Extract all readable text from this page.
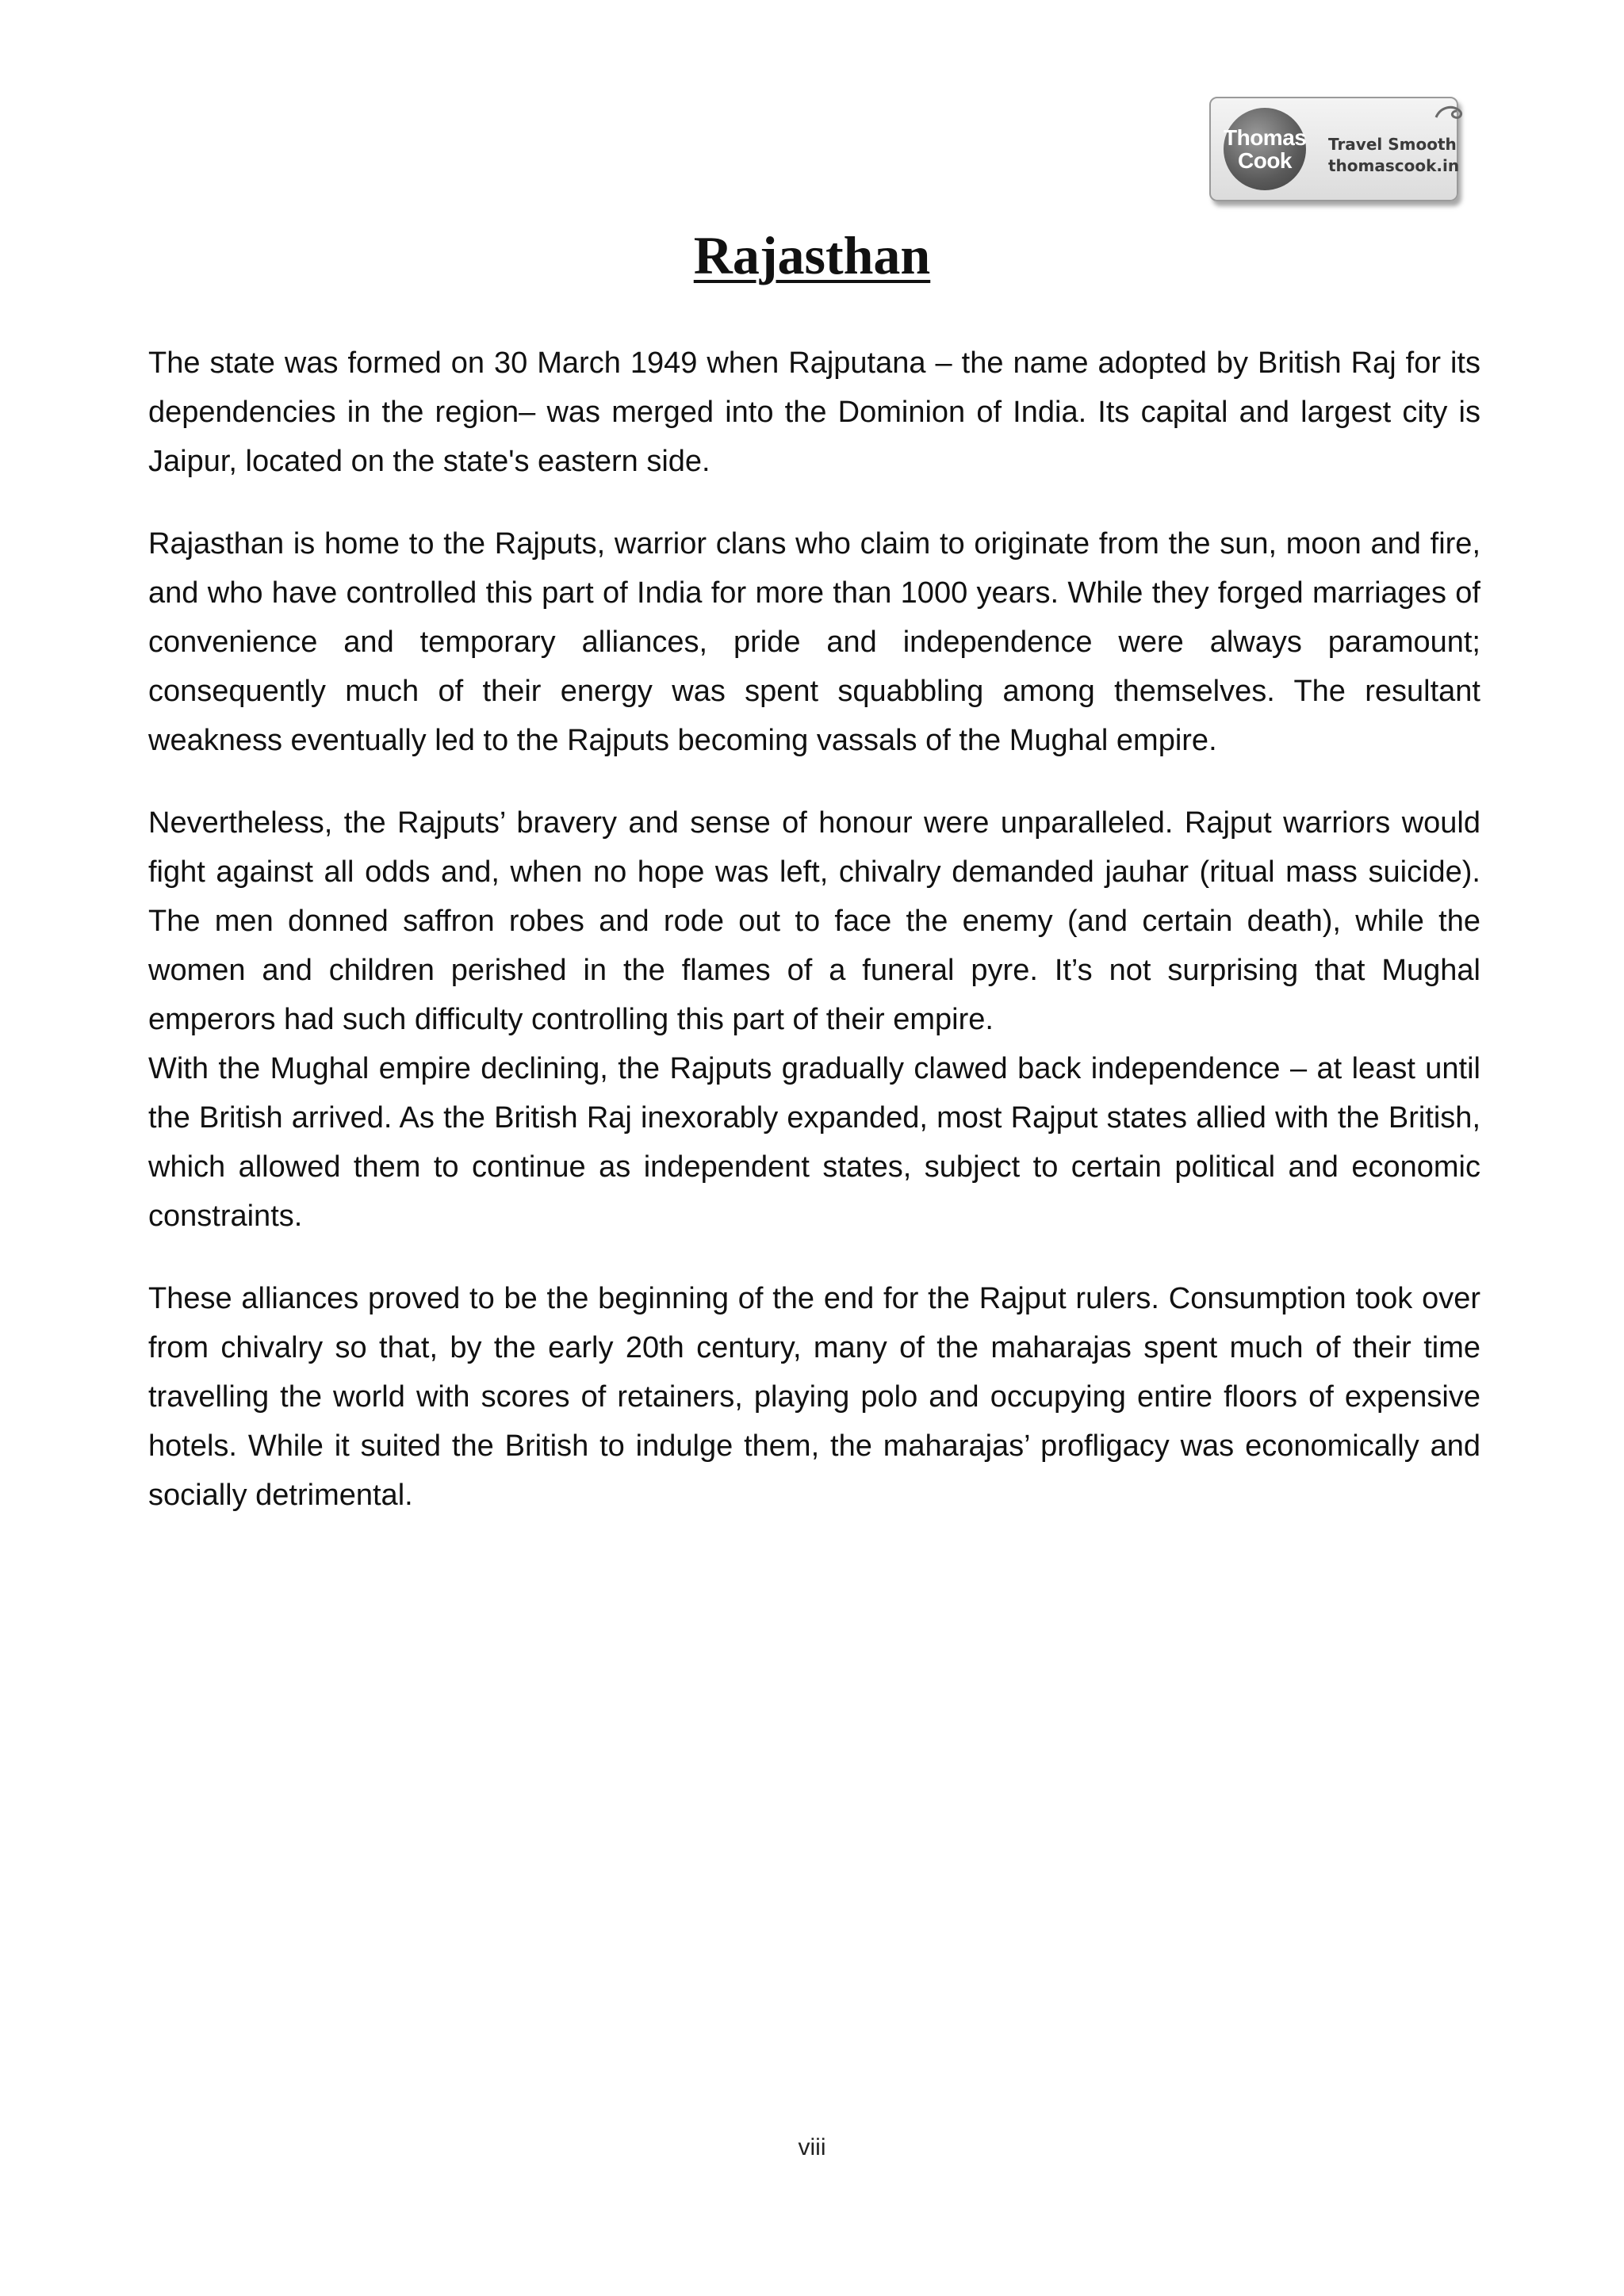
Thomas
Cook
Travel Smooth
thomascook.in
Rajasthan

The state was formed on 30 March 1949 when Rajputana – the name adopted by British Raj for its dependencies in the region– was merged into the Dominion of India. Its capital and largest city is Jaipur, located on the state's eastern side.

Rajasthan is home to the Rajputs, warrior clans who claim to originate from the sun, moon and fire, and who have controlled this part of India for more than 1000 years. While they forged marriages of convenience and temporary alliances, pride and independence were always paramount; consequently much of their energy was spent squabbling among themselves. The resultant weakness eventually led to the Rajputs becoming vassals of the Mughal empire.

Nevertheless, the Rajputs’ bravery and sense of honour were unparalleled. Rajput warriors would fight against all odds and, when no hope was left, chivalry demanded jauhar (ritual mass suicide). The men donned saffron robes and rode out to face the enemy (and certain death), while the women and children perished in the flames of a funeral pyre. It’s not surprising that Mughal emperors had such difficulty controlling this part of their empire.

With the Mughal empire declining, the Rajputs gradually clawed back independence – at least until the British arrived. As the British Raj inexorably expanded, most Rajput states allied with the British, which allowed them to continue as independent states, subject to certain political and economic constraints.

These alliances proved to be the beginning of the end for the Rajput rulers. Consumption took over from chivalry so that, by the early 20th century, many of the maharajas spent much of their time travelling the world with scores of retainers, playing polo and occupying entire floors of expensive hotels. While it suited the British to indulge them, the maharajas’ profligacy was economically and socially detrimental.

viii
